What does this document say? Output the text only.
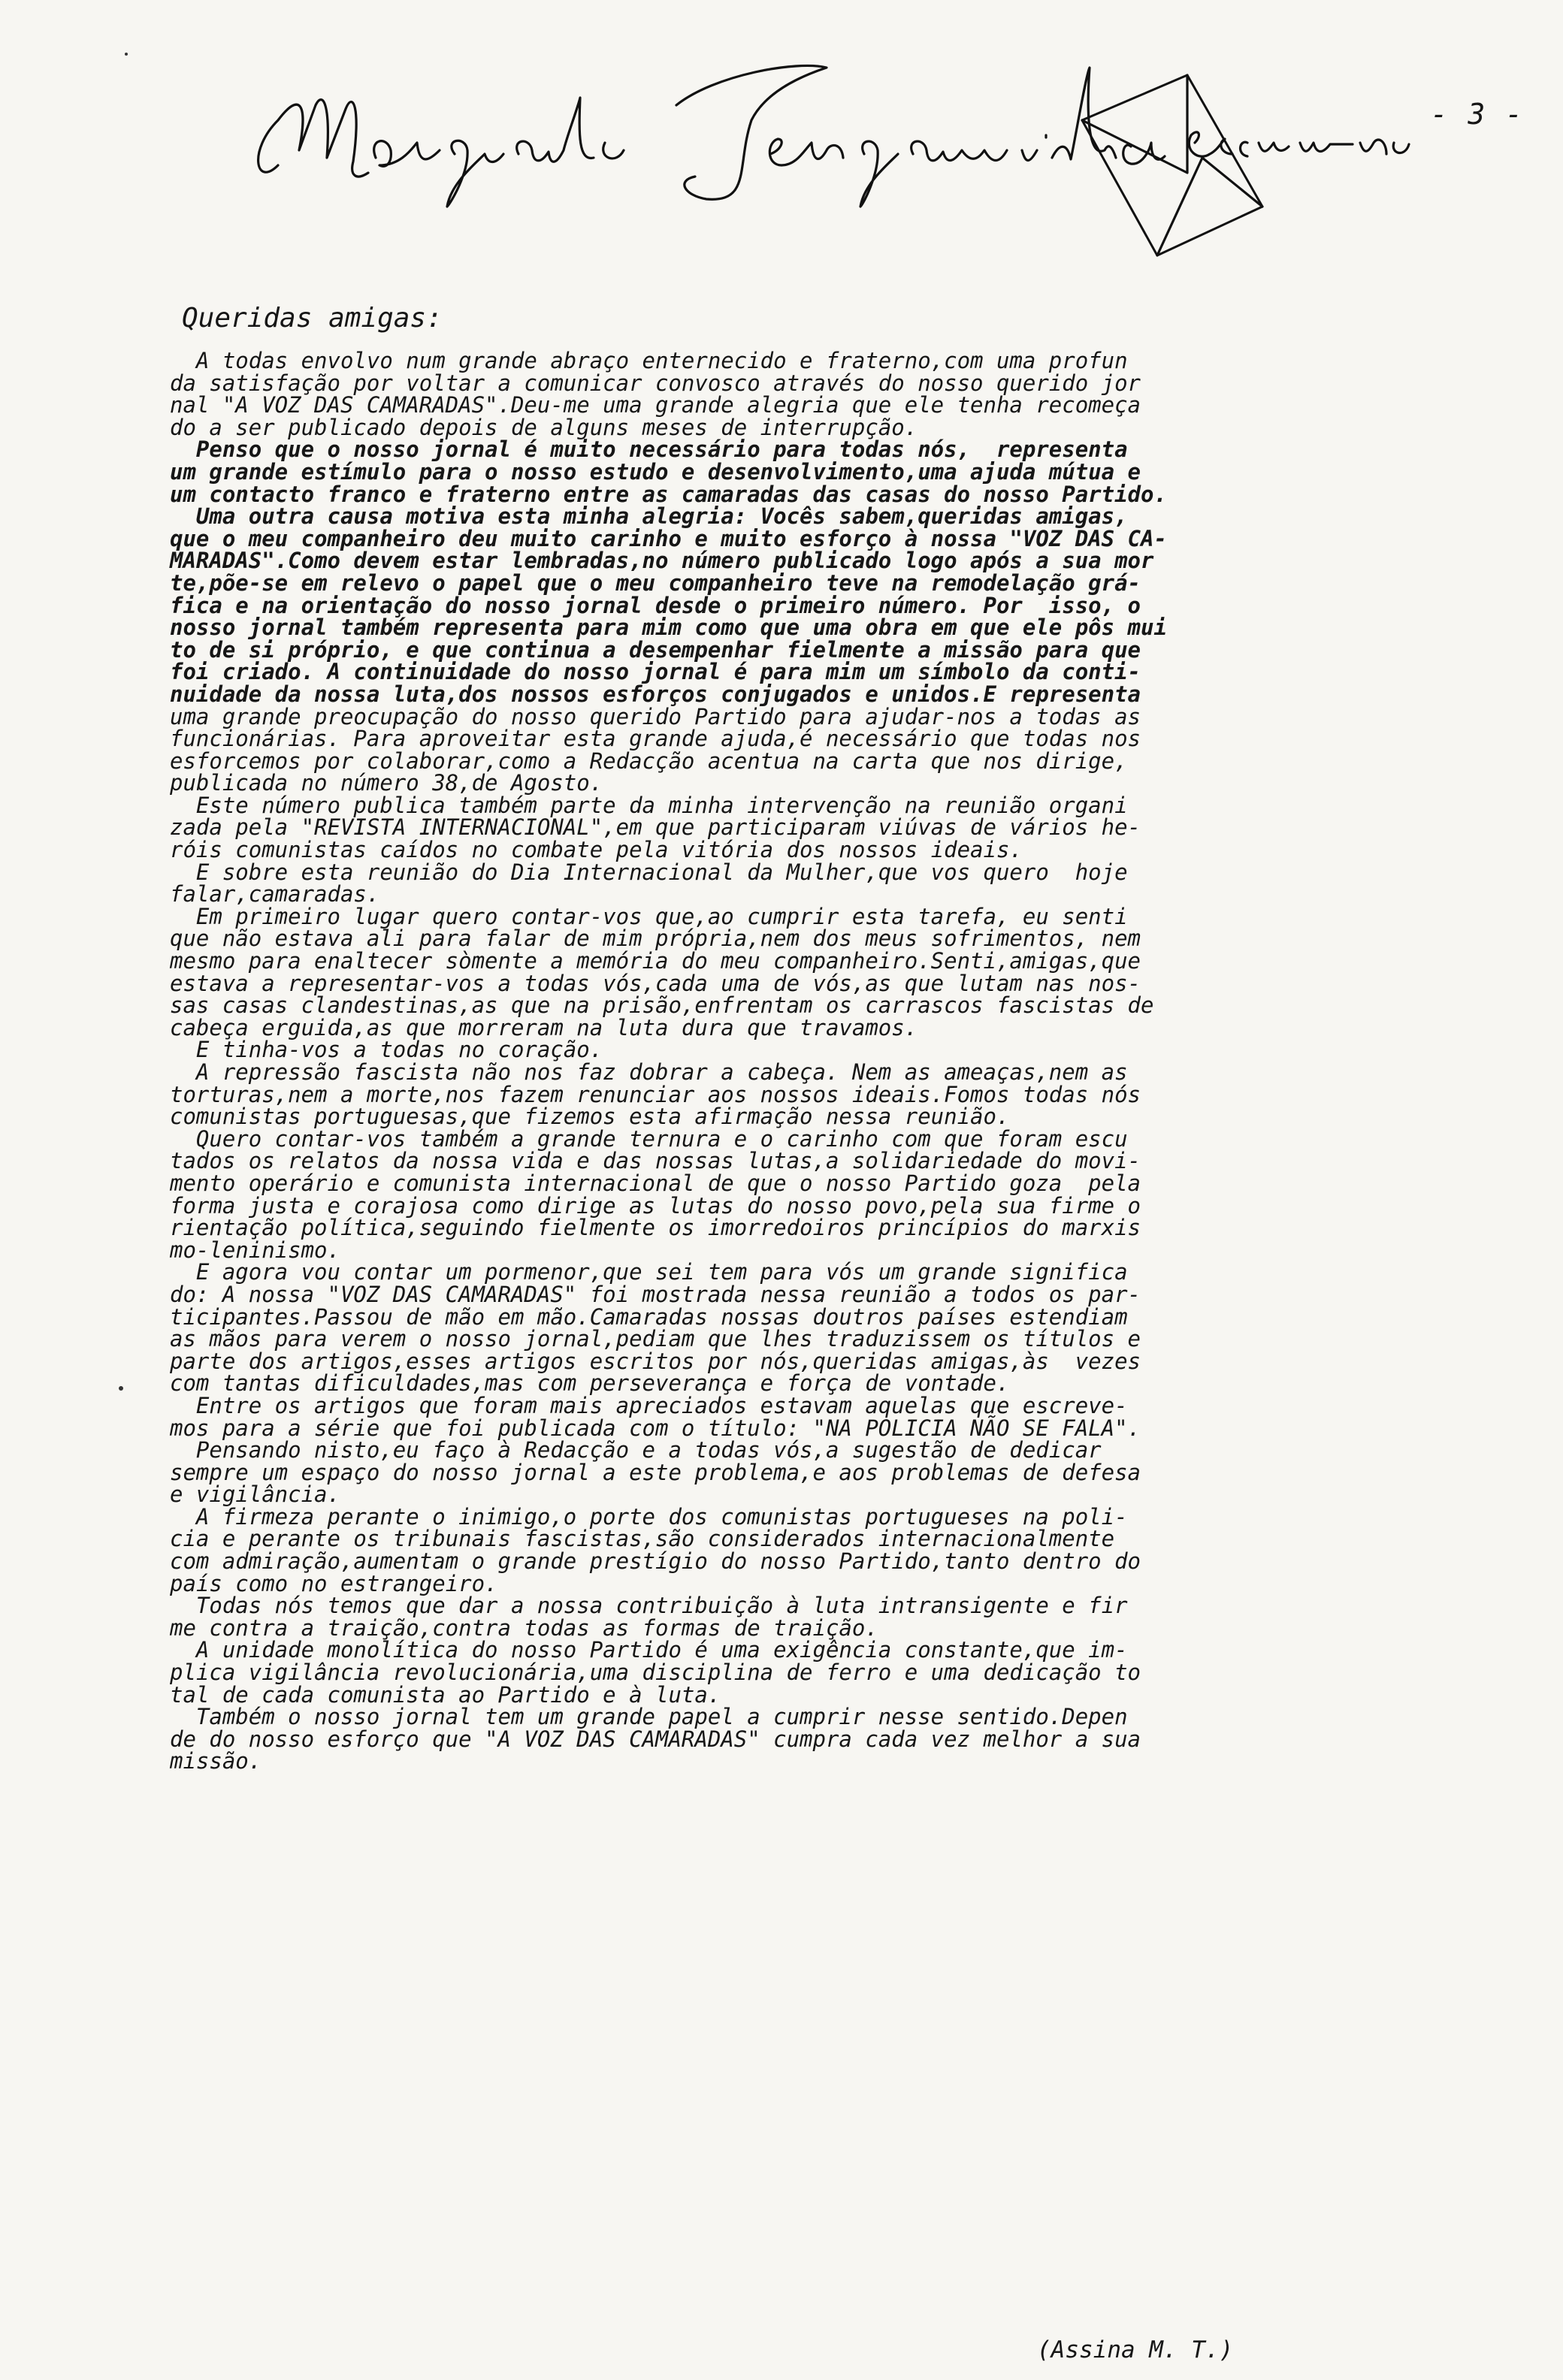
- 3 -
Queridas amigas:
A todas envolvo num grande abraço enternecido e fraterno,com uma profun
da satisfação por voltar a comunicar convosco através do nosso querido jor
nal "A VOZ DAS CAMARADAS".Deu-me uma grande alegria que ele tenha recomeça
do a ser publicado depois de alguns meses de interrupção.
Penso que o nosso jornal é muito necessário para todas nós,  representa
um grande estímulo para o nosso estudo e desenvolvimento,uma ajuda mútua e
um contacto franco e fraterno entre as camaradas das casas do nosso Partido.
Uma outra causa motiva esta minha alegria: Vocês sabem,queridas amigas,
que o meu companheiro deu muito carinho e muito esforço à nossa "VOZ DAS CA-
MARADAS".Como devem estar lembradas,no número publicado logo após a sua mor
te,põe-se em relevo o papel que o meu companheiro teve na remodelação grá-
fica e na orientação do nosso jornal desde o primeiro número. Por  isso, o
nosso jornal também representa para mim como que uma obra em que ele pôs mui
to de si próprio, e que continua a desempenhar fielmente a missão para que
foi criado. A continuidade do nosso jornal é para mim um símbolo da conti-
nuidade da nossa luta,dos nossos esforços conjugados e unidos.E representa
uma grande preocupação do nosso querido Partido para ajudar-nos a todas as
funcionárias. Para aproveitar esta grande ajuda,é necessário que todas nos
esforcemos por colaborar,como a Redacção acentua na carta que nos dirige,
publicada no número 38,de Agosto.
Este número publica também parte da minha intervenção na reunião organi
zada pela "REVISTA INTERNACIONAL",em que participaram viúvas de vários he-
róis comunistas caídos no combate pela vitória dos nossos ideais.
E sobre esta reunião do Dia Internacional da Mulher,que vos quero  hoje
falar,camaradas.
Em primeiro lugar quero contar-vos que,ao cumprir esta tarefa, eu senti
que não estava ali para falar de mim própria,nem dos meus sofrimentos, nem
mesmo para enaltecer sòmente a memória do meu companheiro.Senti,amigas,que
estava a representar-vos a todas vós,cada uma de vós,as que lutam nas nos-
sas casas clandestinas,as que na prisão,enfrentam os carrascos fascistas de
cabeça erguida,as que morreram na luta dura que travamos.
E tinha-vos a todas no coração.
A repressão fascista não nos faz dobrar a cabeça. Nem as ameaças,nem as
torturas,nem a morte,nos fazem renunciar aos nossos ideais.Fomos todas nós
comunistas portuguesas,que fizemos esta afirmação nessa reunião.
Quero contar-vos também a grande ternura e o carinho com que foram escu
tados os relatos da nossa vida e das nossas lutas,a solidariedade do movi-
mento operário e comunista internacional de que o nosso Partido goza  pela
forma justa e corajosa como dirige as lutas do nosso povo,pela sua firme o
rientação política,seguindo fielmente os imorredoiros princípios do marxis
mo-leninismo.
E agora vou contar um pormenor,que sei tem para vós um grande significa
do: A nossa "VOZ DAS CAMARADAS" foi mostrada nessa reunião a todos os par-
ticipantes.Passou de mão em mão.Camaradas nossas doutros países estendiam
as mãos para verem o nosso jornal,pediam que lhes traduzissem os títulos e
parte dos artigos,esses artigos escritos por nós,queridas amigas,às  vezes
com tantas dificuldades,mas com perseverança e força de vontade.
Entre os artigos que foram mais apreciados estavam aquelas que escreve-
mos para a série que foi publicada com o título: "NA POLICIA NÃO SE FALA".
Pensando nisto,eu faço à Redacção e a todas vós,a sugestão de dedicar
sempre um espaço do nosso jornal a este problema,e aos problemas de defesa
e vigilância.
A firmeza perante o inimigo,o porte dos comunistas portugueses na poli-
cia e perante os tribunais fascistas,são considerados internacionalmente
com admiração,aumentam o grande prestígio do nosso Partido,tanto dentro do
país como no estrangeiro.
Todas nós temos que dar a nossa contribuição à luta intransigente e fir
me contra a traição,contra todas as formas de traição.
A unidade monolítica do nosso Partido é uma exigência constante,que im-
plica vigilância revolucionária,uma disciplina de ferro e uma dedicação to
tal de cada comunista ao Partido e à luta.
Também o nosso jornal tem um grande papel a cumprir nesse sentido.Depen
de do nosso esforço que "A VOZ DAS CAMARADAS" cumpra cada vez melhor a sua
missão.
(Assina M. T.)
